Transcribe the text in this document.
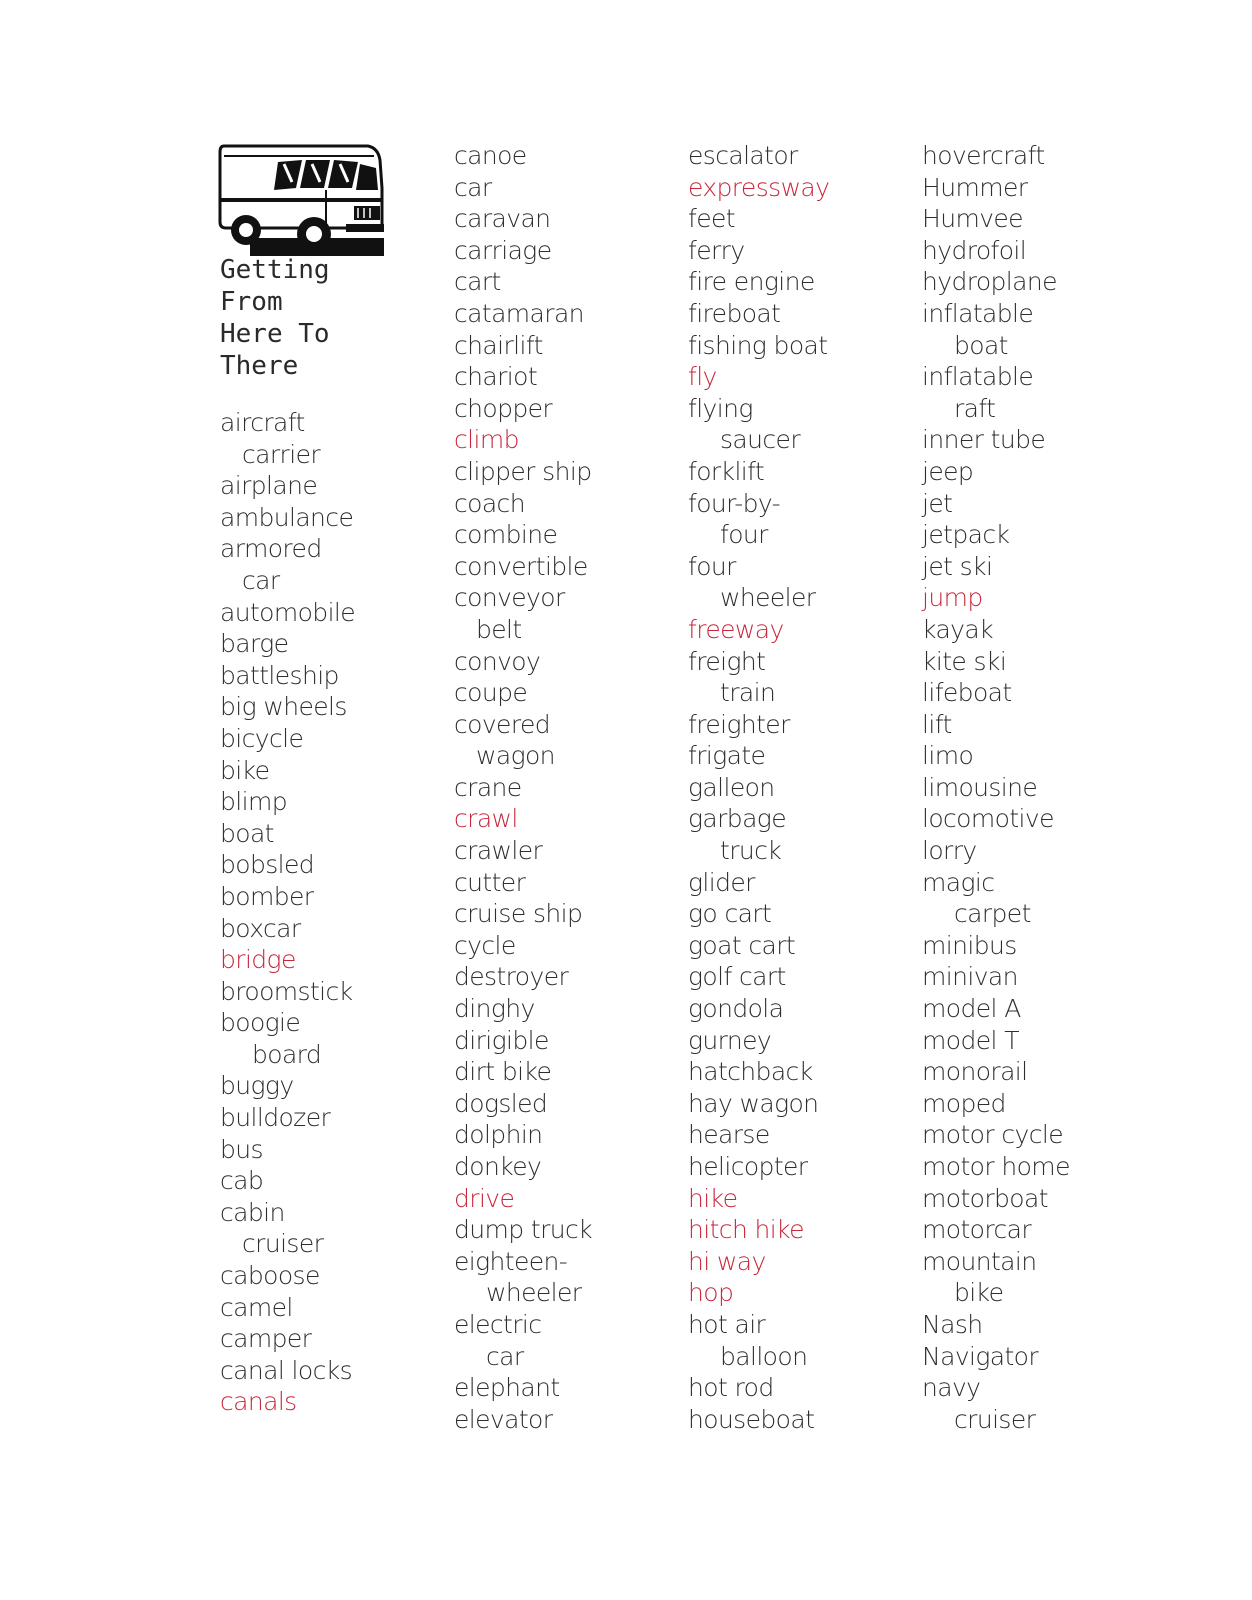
Getting
From
Here To
There
aircraft
carrier
airplane
ambulance
armored
car
automobile
barge
battleship
big wheels
bicycle
bike
blimp
boat
bobsled
bomber
boxcar
bridge
broomstick
boogie
board
buggy
bulldozer
bus
cab
cabin
cruiser
caboose
camel
camper
canal locks
canals
canoe
car
caravan
carriage
cart
catamaran
chairlift
chariot
chopper
climb
clipper ship
coach
combine
convertible
conveyor
belt
convoy
coupe
covered
wagon
crane
crawl
crawler
cutter
cruise ship
cycle
destroyer
dinghy
dirigible
dirt bike
dogsled
dolphin
donkey
drive
dump truck
eighteen-
wheeler
electric
car
elephant
elevator
escalator
expressway
feet
ferry
fire engine
fireboat
fishing boat
fly
flying
saucer
forklift
four-by-
four
four
wheeler
freeway
freight
train
freighter
frigate
galleon
garbage
truck
glider
go cart
goat cart
golf cart
gondola
gurney
hatchback
hay wagon
hearse
helicopter
hike
hitch hike
hi way
hop
hot air
balloon
hot rod
houseboat
hovercraft
Hummer
Humvee
hydrofoil
hydroplane
inflatable
boat
inflatable
raft
inner tube
jeep
jet
jetpack
jet ski
jump
kayak
kite ski
lifeboat
lift
limo
limousine
locomotive
lorry
magic
carpet
minibus
minivan
model A
model T
monorail
moped
motor cycle
motor home
motorboat
motorcar
mountain
bike
Nash
Navigator
navy
cruiser
